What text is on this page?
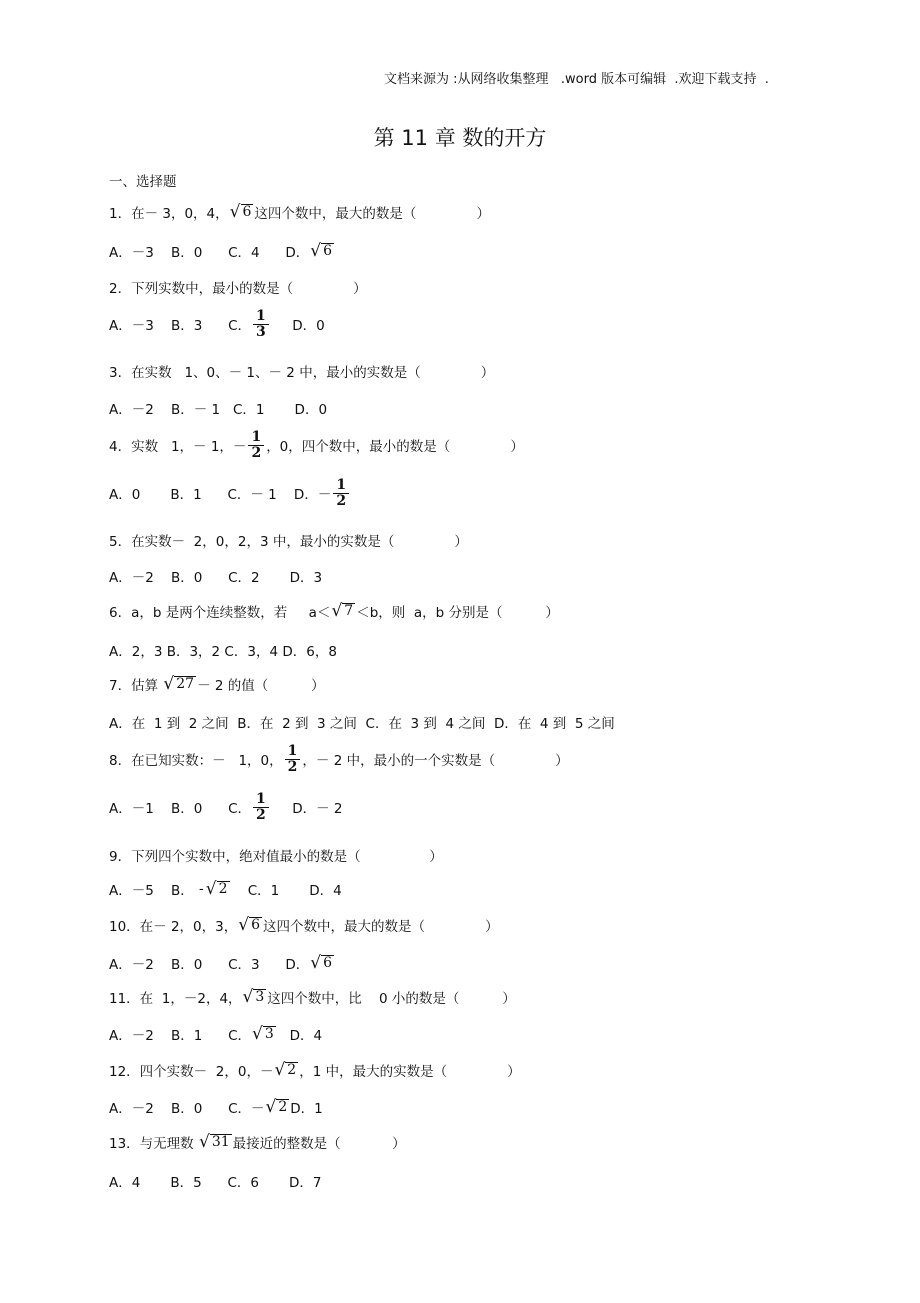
文档来源为 :从网络收集整理   .word 版本可编辑  .欢迎下载支持  .
第 11 章 数的开方
一、选择题
1．在－ 3，0，4， √ 6 这四个数中，最大的数是（              ）
A．－3    B．0      C．4      D． √ 6
2．下列实数中，最小的数是（              ）
A．－3    B．3      C． $\frac{1}{3}$ D．0
3．在实数   1、0、－ 1、－ 2 中，最小的实数是（              ）
A．－2    B．－ 1   C．1       D．0
4．实数   1，－ 1，－ $\frac{1}{2}$ ，0，四个数中，最小的数是（              ）
A．0       B．1      C．－ 1    D．－ $\frac{1}{2}$
5．在实数－  2，0，2，3 中，最小的实数是（              ）
A．－2    B．0      C．2       D．3
6．a，b 是两个连续整数，若     a＜ √ 7 ＜b，则  a，b 分别是（          ）
A．2，3 B．3，2 C．3，4 D．6，8
7．估算 √ 27 － 2 的值（          ）
A．在  1 到  2 之间  B．在  2 到  3 之间  C．在  3 到  4 之间  D．在  4 到  5 之间
8．在已知实数：－   1，0， $\frac{1}{2}$ ，－ 2 中，最小的一个实数是（              ）
A．－1    B．0      C． $\frac{1}{2}$ D．－ 2
9．下列四个实数中，绝对值最小的数是（                ）
A．－5    B． - √ 2 C．1       D．4
10．在－ 2，0，3， √ 6 这四个数中，最大的数是（              ）
A．－2    B．0      C．3      D． √ 6
11．在  1，－2，4， √ 3 这四个数中，比    0 小的数是（          ）
A．－2    B．1      C． √ 3 D．4
12．四个实数－  2，0，－ √ 2 ，1 中，最大的实数是（              ）
A．－2    B．0      C．－ √ 2 D．1
13．与无理数 √ 31 最接近的整数是（            ）
A．4       B．5      C．6       D．7
